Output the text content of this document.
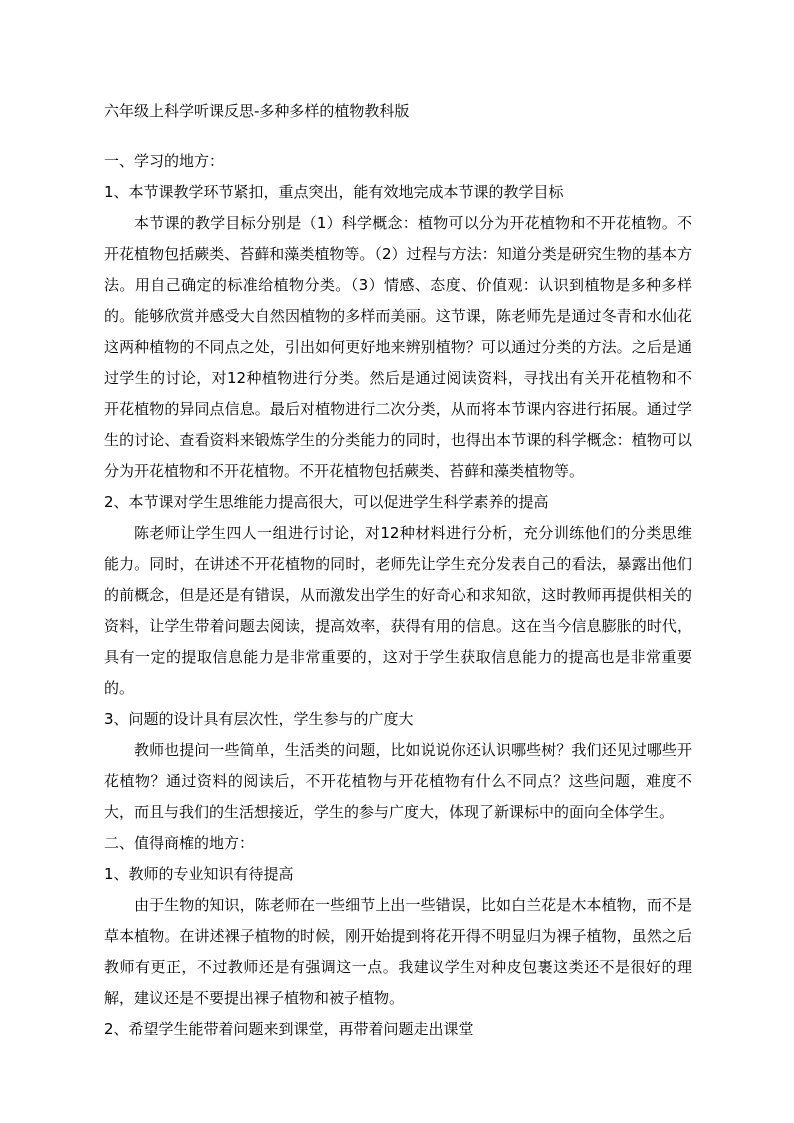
六年级上科学听课反思-多种多样的植物教科版

一、学习的地方：

1、本节课教学环节紧扣，重点突出，能有效地完成本节课的教学目标

本节课的教学目标分别是（1）科学概念：植物可以分为开花植物和不开花植物。不开花植物包括蕨类、苔藓和藻类植物等。（2）过程与方法：知道分类是研究生物的基本方法。用自己确定的标准给植物分类。（3）情感、态度、价值观：认识到植物是多种多样的。能够欣赏并感受大自然因植物的多样而美丽。这节课，陈老师先是通过冬青和水仙花这两种植物的不同点之处，引出如何更好地来辨别植物？可以通过分类的方法。之后是通过学生的讨论，对12种植物进行分类。然后是通过阅读资料，寻找出有关开花植物和不开花植物的异同点信息。最后对植物进行二次分类，从而将本节课内容进行拓展。通过学生的讨论、查看资料来锻炼学生的分类能力的同时，也得出本节课的科学概念：植物可以分为开花植物和不开花植物。不开花植物包括蕨类、苔藓和藻类植物等。

2、本节课对学生思维能力提高很大，可以促进学生科学素养的提高

陈老师让学生四人一组进行讨论，对12种材料进行分析，充分训练他们的分类思维能力。同时，在讲述不开花植物的同时，老师先让学生充分发表自己的看法，暴露出他们的前概念，但是还是有错误，从而激发出学生的好奇心和求知欲，这时教师再提供相关的资料，让学生带着问题去阅读，提高效率，获得有用的信息。这在当今信息膨胀的时代，具有一定的提取信息能力是非常重要的，这对于学生获取信息能力的提高也是非常重要的。

3、问题的设计具有层次性，学生参与的广度大

教师也提问一些简单，生活类的问题，比如说说你还认识哪些树？我们还见过哪些开花植物？通过资料的阅读后，不开花植物与开花植物有什么不同点？这些问题，难度不大，而且与我们的生活想接近，学生的参与广度大，体现了新课标中的面向全体学生。

二、值得商榷的地方：

1、教师的专业知识有待提高

由于生物的知识，陈老师在一些细节上出一些错误，比如白兰花是木本植物，而不是草本植物。在讲述裸子植物的时候，刚开始提到将花开得不明显归为裸子植物，虽然之后教师有更正，不过教师还是有强调这一点。我建议学生对种皮包裹这类还不是很好的理解，建议还是不要提出裸子植物和被子植物。

2、希望学生能带着问题来到课堂，再带着问题走出课堂
